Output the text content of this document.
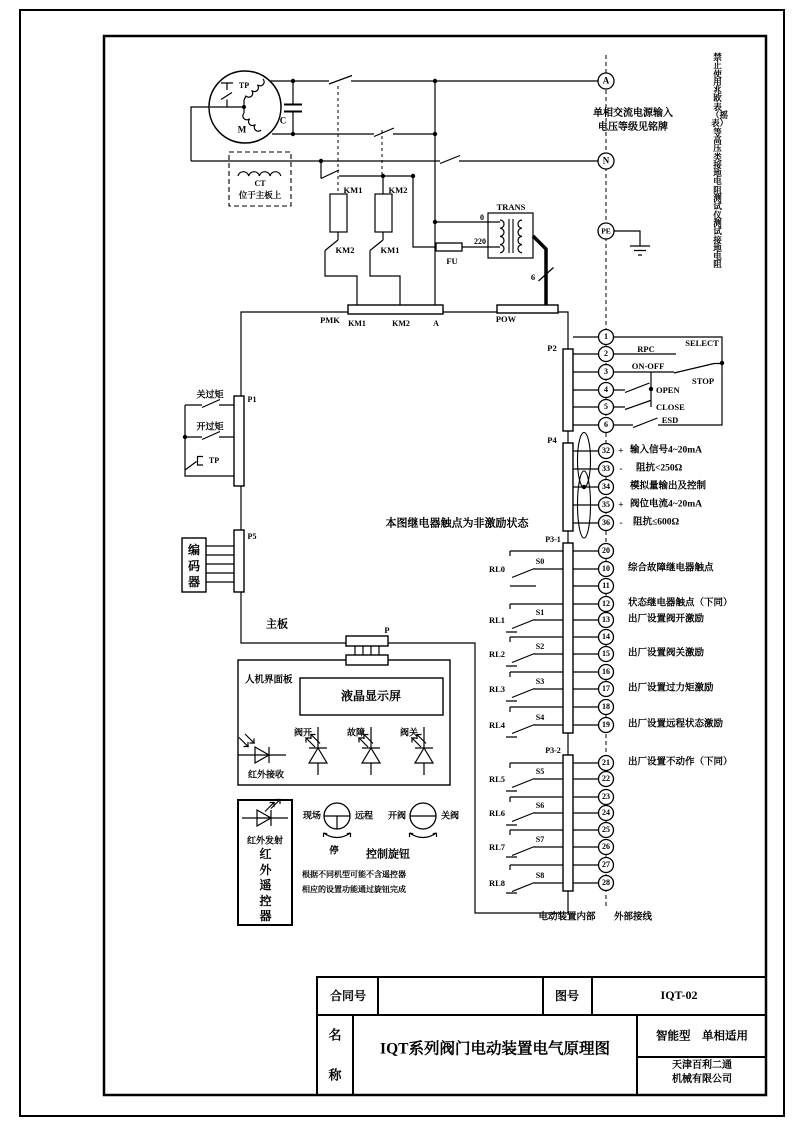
TP
M
C
CT
位于主板上	KM1	KM2
KM2	KM1
FU
TRANS
0
220
6
PMK KM1	KM2	A	POW
A
N
PE
单相交流电源输入
电压等级见铭牌
禁止使用兆欧表（摇表）等高压类接地电阻测试仪测试接地电阻
关过矩
开过矩
TP
P1
P5
编码器
主板
本图继电器触点为非激励状态
P2
1
2
3
4
5
6
RPC
SELECT
ON-OFF
STOP
OPEN
CLOSE
ESD
P4
32
33
34
35
36
+
-
+
-
输入信号4~20mA
阻抗<250Ω
模拟量输出及控制
阀位电流4~20mA
阻抗≤600Ω
P3-1
20
10
11
12
13
14
15
16
17
18
19
RL0
RL1
RL2
RL3
RL4
S0
S1
S2
S3
S4
综合故障继电器触点
状态继电器触点（下同）
出厂设置阀开激励
出厂设置阀关激励
出厂设置过力矩激励
出厂设置远程状态激励
P3-2
21
22
23
24
25
26
27
28
RL5
RL6
RL7
RL8
S5
S6
S7
S8
出厂设置不动作（下同）
电动装置内部 外部接线
人机界面板
液晶显示屏
P
阀开	故障	阀关
红外接收
红外发射
红外遥控器
现场	远程
停
开阀	关阀
控制旋钮
根据不同机型可能不含遥控器
相应的设置功能通过旋钮完成
合同号	图号	IQT-02
名
称
IQT系列阀门电动装置电气原理图
智能型　单相适用
天津百利二通
机械有限公司
